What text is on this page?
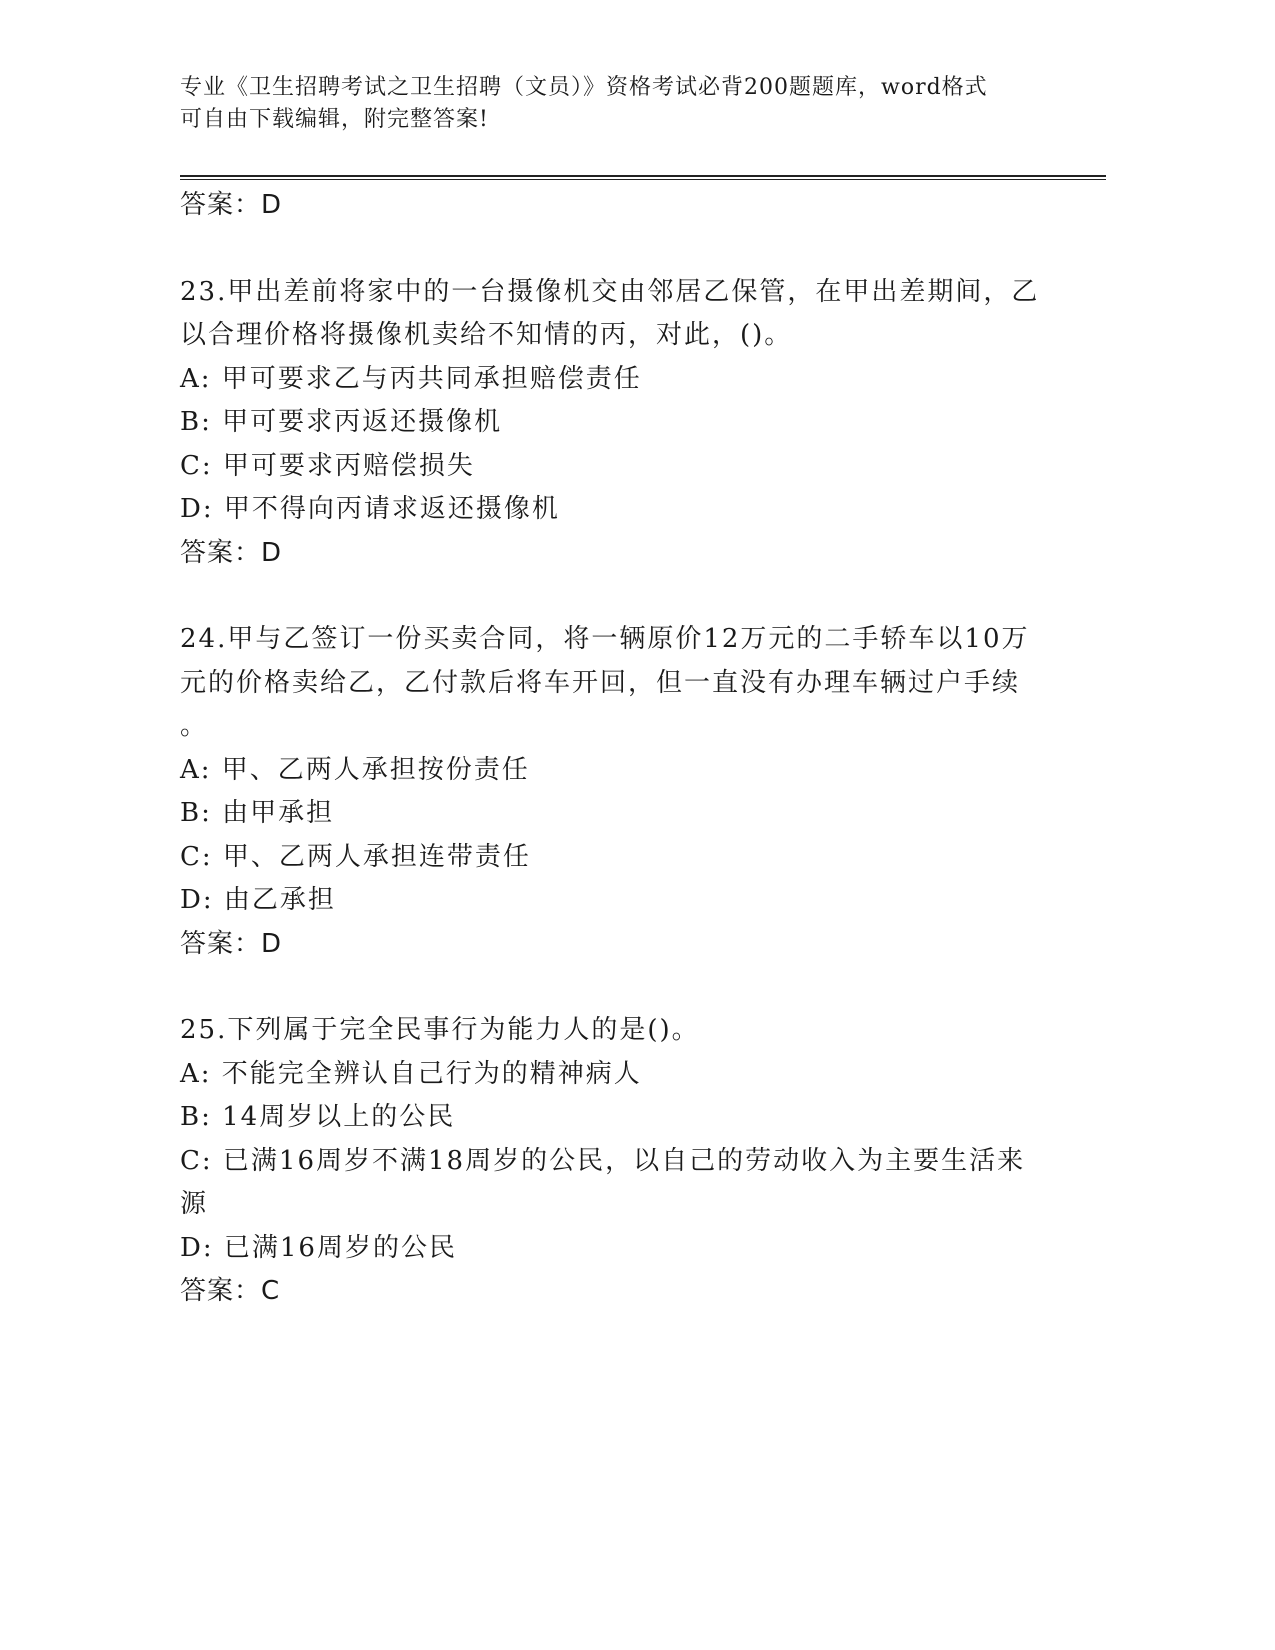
专业《卫生招聘考试之卫生招聘（文员）》资格考试必背200题题库，word格式
可自由下载编辑，附完整答案!
答案：D
23.甲出差前将家中的一台摄像机交由邻居乙保管，在甲出差期间，乙
以合理价格将摄像机卖给不知情的丙，对此，()。
A: 甲可要求乙与丙共同承担赔偿责任
B: 甲可要求丙返还摄像机
C: 甲可要求丙赔偿损失
D: 甲不得向丙请求返还摄像机
答案：D
24.甲与乙签订一份买卖合同，将一辆原价12万元的二手轿车以10万
元的价格卖给乙，乙付款后将车开回，但一直没有办理车辆过户手续
。
A: 甲、乙两人承担按份责任
B: 由甲承担
C: 甲、乙两人承担连带责任
D: 由乙承担
答案：D
25.下列属于完全民事行为能力人的是()。
A: 不能完全辨认自己行为的精神病人
B: 14周岁以上的公民
C: 已满16周岁不满18周岁的公民，以自己的劳动收入为主要生活来
源
D: 已满16周岁的公民
答案：C
